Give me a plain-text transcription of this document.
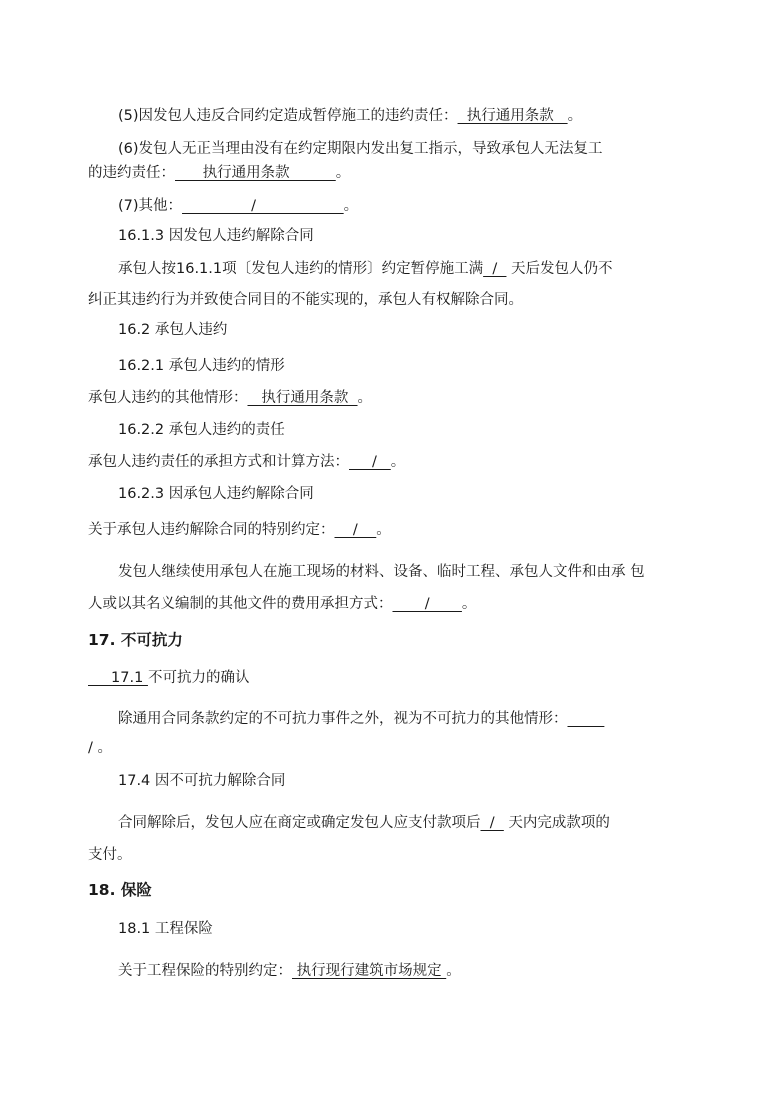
(5)因发包人违反合同约定造成暂停施工的违约责任：  执行通用条款   。
(6)发包人无正当理由没有在约定期限内发出复工指示，导致承包人无法复工
的违约责任：      执行通用条款          。
(7)其他：               /                   。
16.1.3 因发包人违约解除合同
承包人按16.1.1项〔发包人违约的情形〕约定暂停施工满  /   天后发包人仍不
纠正其违约行为并致使合同目的不能实现的，承包人有权解除合同。
16.2 承包人违约
16.2.1 承包人违约的情形
承包人违约的其他情形：   执行通用条款  。
16.2.2 承包人违约的责任
承包人违约责任的承担方式和计算方法：     /   。
16.2.3 因承包人违约解除合同
关于承包人违约解除合同的特别约定：    /    。
发包人继续使用承包人在施工现场的材料、设备、临时工程、承包人文件和由承 包
人或以其名义编制的其他文件的费用承担方式：       /       。
17. 不可抗力
17.1 不可抗力的确认
除通用合同条款约定的不可抗力事件之外，视为不可抗力的其他情形：
/ 。
17.4 因不可抗力解除合同
合同解除后，发包人应在商定或确定发包人应支付款项后  /   天内完成款项的
支付。
18. 保险
18.1 工程保险
关于工程保险的特别约定： 执行现行建筑市场规定 。
